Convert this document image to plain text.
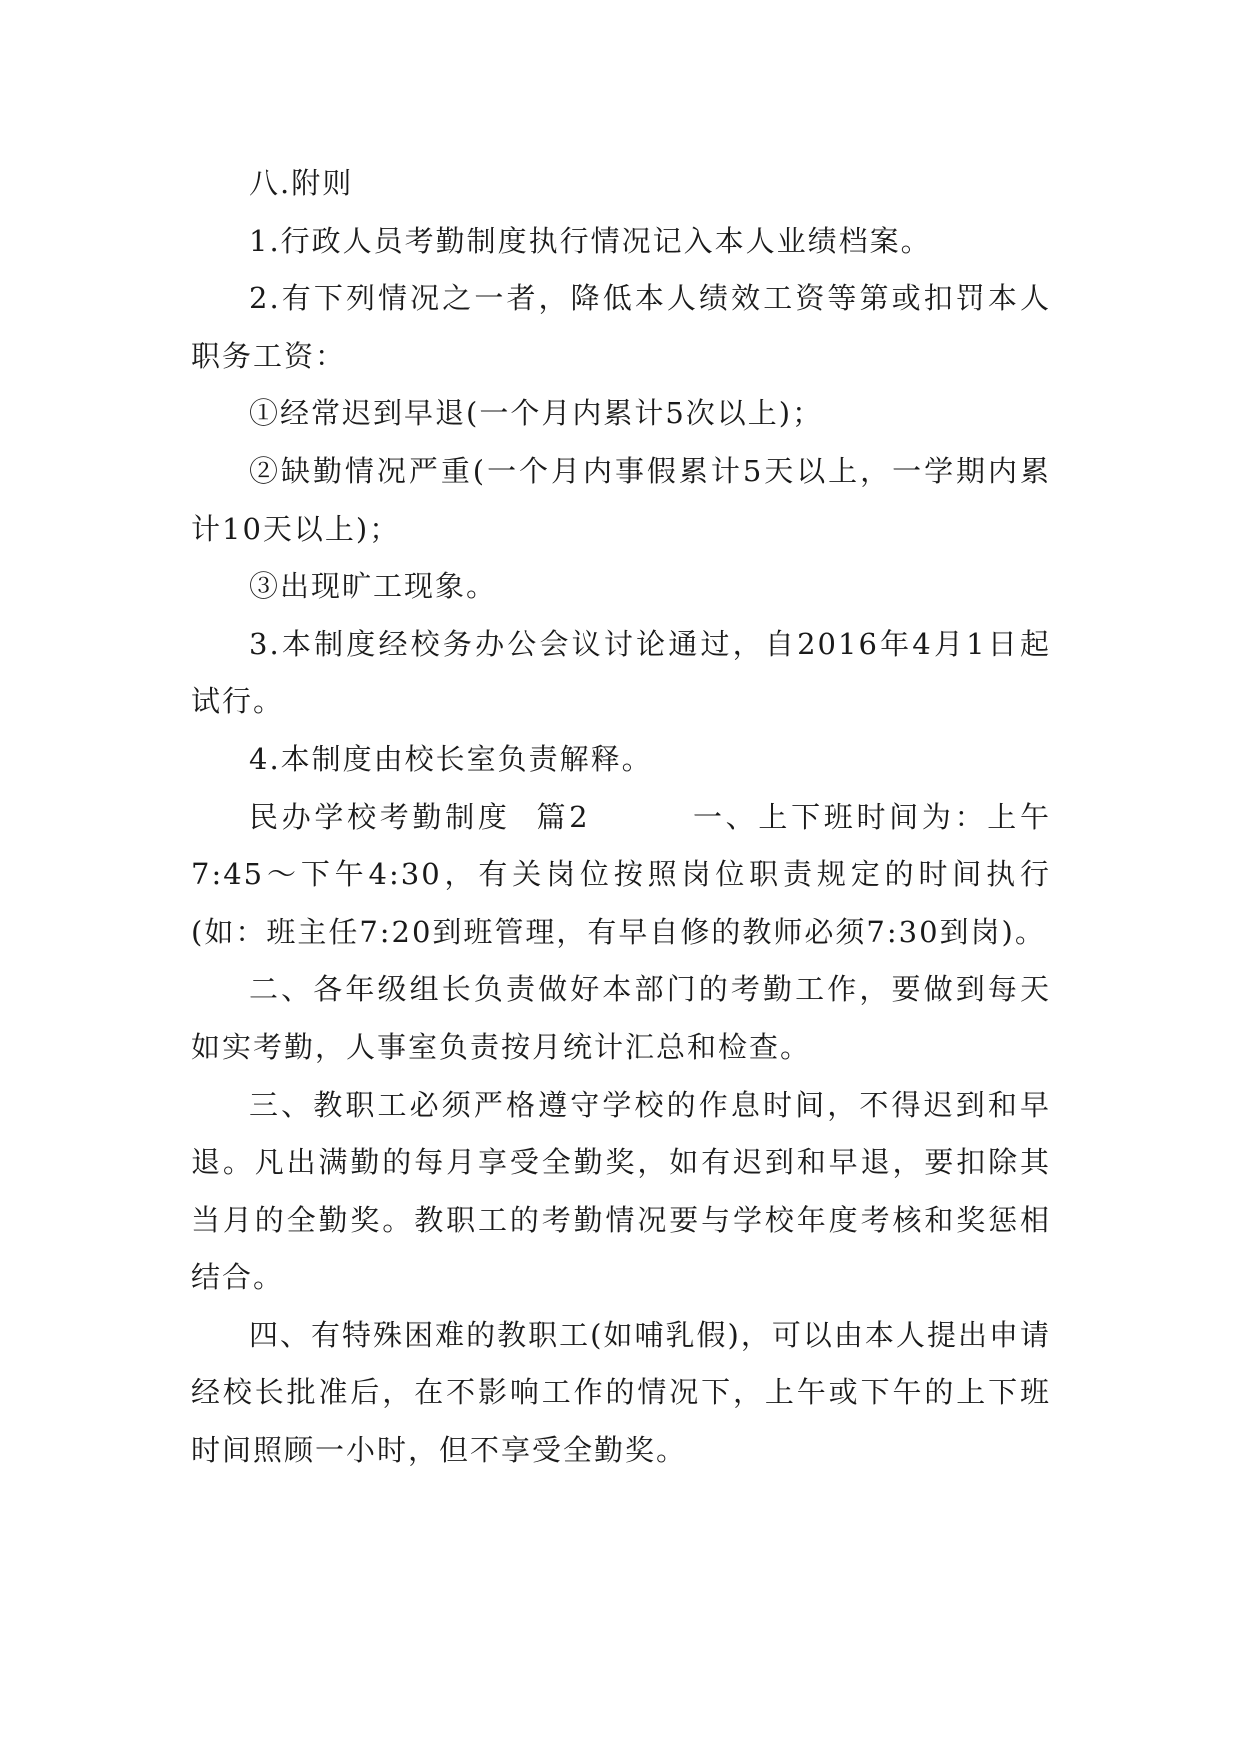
八.附则

1.行政人员考勤制度执行情况记入本人业绩档案。

2.有下列情况之一者，降低本人绩效工资等第或扣罚本人职务工资：

①经常迟到早退(一个月内累计5次以上)；

②缺勤情况严重(一个月内事假累计5天以上，一学期内累计10天以上)；

③出现旷工现象。

3.本制度经校务办公会议讨论通过，自2016年4月1日起试行。

4.本制度由校长室负责解释。

民办学校考勤制度  篇2        一、上下班时间为：上午7:45～下午4:30，有关岗位按照岗位职责规定的时间执行(如：班主任7:20到班管理，有早自修的教师必须7:30到岗)。

二、各年级组长负责做好本部门的考勤工作，要做到每天如实考勤，人事室负责按月统计汇总和检查。

三、教职工必须严格遵守学校的作息时间，不得迟到和早退。凡出满勤的每月享受全勤奖，如有迟到和早退，要扣除其当月的全勤奖。教职工的考勤情况要与学校年度考核和奖惩相结合。

四、有特殊困难的教职工(如哺乳假)，可以由本人提出申请经校长批准后，在不影响工作的情况下，上午或下午的上下班时间照顾一小时，但不享受全勤奖。
